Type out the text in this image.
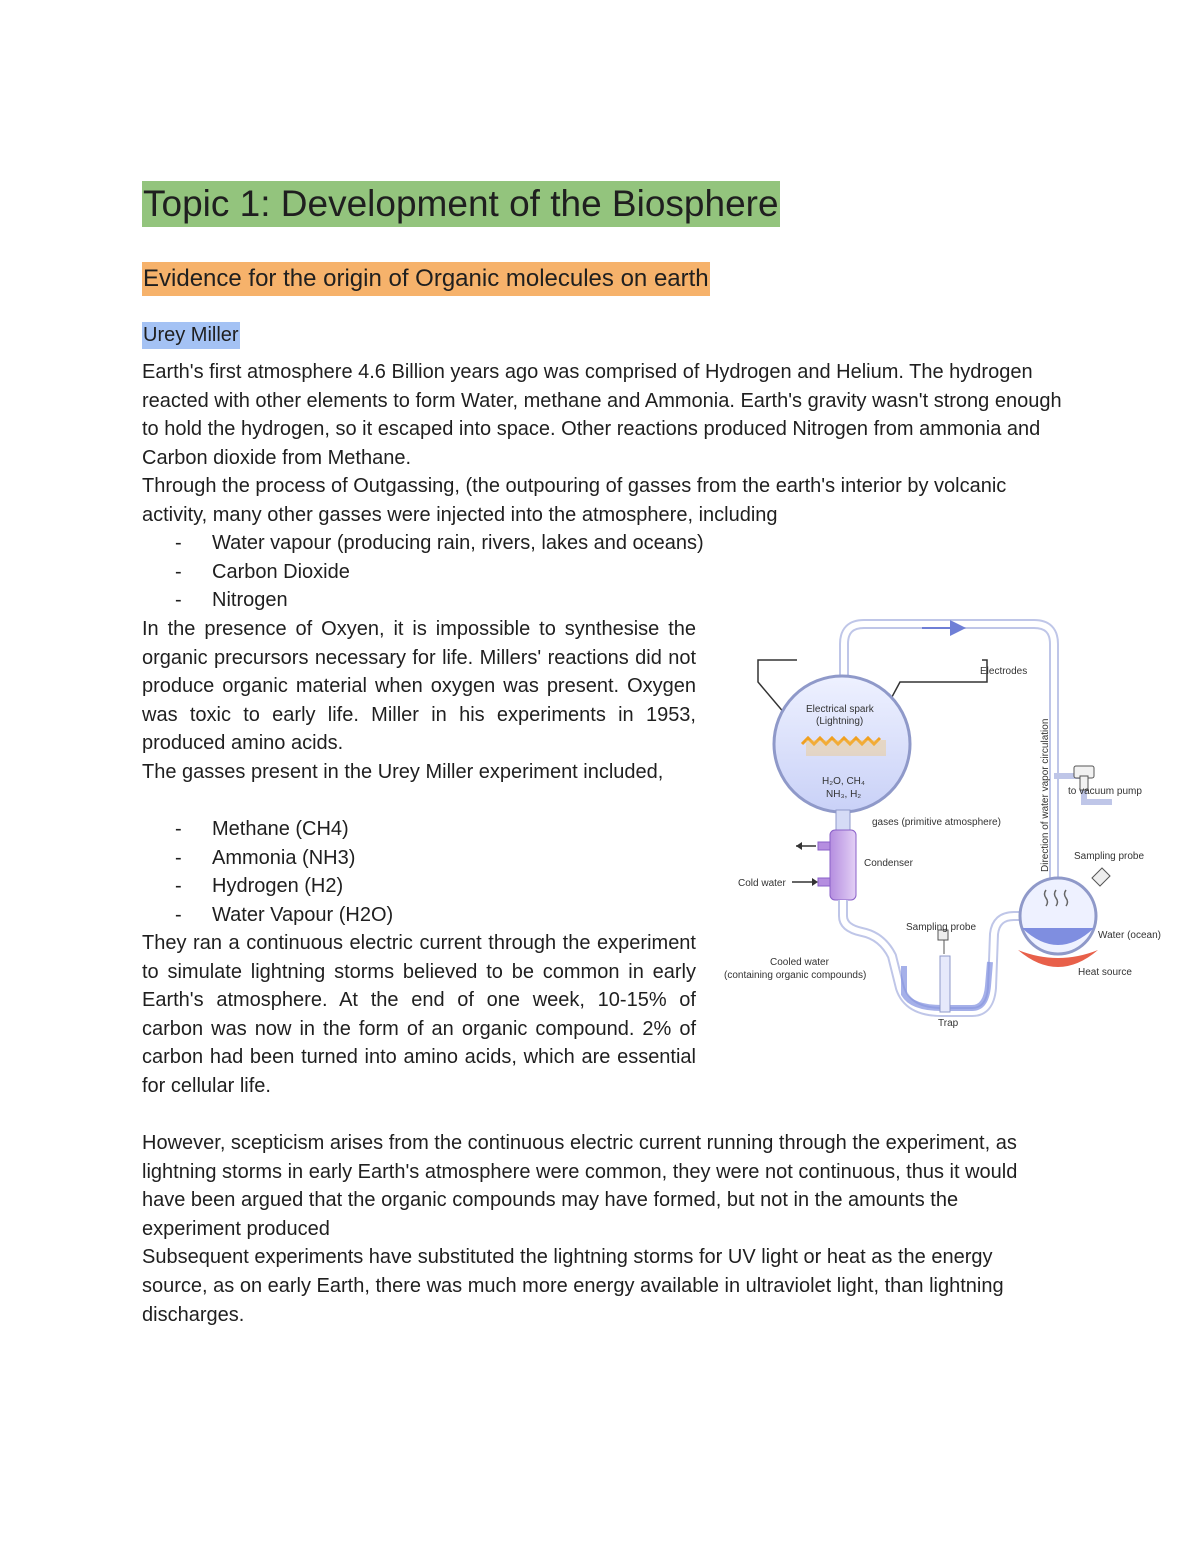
Topic 1: Development of the Biosphere
Evidence for the origin of Organic molecules on earth
Urey Miller

Earth's first atmosphere 4.6 Billion years ago was comprised of Hydrogen and Helium. The hydrogen reacted with other elements to form Water, methane and Ammonia. Earth's gravity wasn't strong enough to hold the hydrogen, so it escaped into space. Other reactions produced Nitrogen from ammonia and Carbon dioxide from Methane.

Through the process of Outgassing, (the outpouring of gasses from the earth's interior by volcanic activity, many other gasses were injected into the atmosphere, including

- Water vapour (producing rain, rivers, lakes and oceans)
- Carbon Dioxide
- Nitrogen

In the presence of Oxyen, it is impossible to synthesise the organic precursors necessary for life. Millers' reactions did not produce organic material when oxygen was present. Oxygen was toxic to early life. Miller in his experiments in 1953, produced amino acids.

The gasses present in the Urey Miller experiment included,

- Methane (CH4)
- Ammonia (NH3)
- Hydrogen (H2)
- Water Vapour (H2O)

They ran a continuous electric current through the experiment to simulate lightning storms believed to be common in early Earth's atmosphere. At the end of one week, 10-15% of carbon was now in the form of an organic compound. 2% of carbon had been turned into amino acids, which are essential for cellular life.

However, scepticism arises from the continuous electric current running through the experiment, as lightning storms in early Earth's atmosphere were common, they were not continuous, thus it would have been argued that the organic compounds may have formed, but not in the amounts the experiment produced

Subsequent experiments have substituted the lightning storms for UV light or heat as the energy source, as on early Earth, there was much more energy available in ultraviolet light, than lightning discharges.

Electrodes
Electrical spark
(Lightning)
H₂O, CH₄
NH₃, H₂
gases (primitive atmosphere)	Direction of water vapor circulation to vacuum pump
Sampling probe
Condenser
Cold water
Sampling probe
Water (ocean)
Cooled water
(containing organic compounds)	Heat source
Trap
